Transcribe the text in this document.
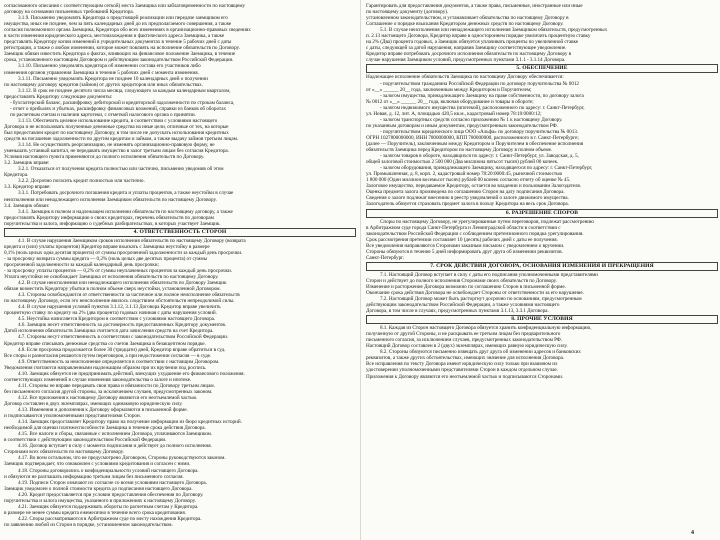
согласованного описания с соответствующим сеткой) места Заемщика или заблаговременности по настоящему
договору на основании письменных требований Кредитора.
3.1.9. Письменно уведомлять Кредитора о предстоящей реализации или передаче заемщиком его
имущества, иных не позднее, чем за пять календарных дней до их предполагаемого совершения, а также
согласия полномочного органа Заемщика, Кредитора обо всех изменениях в организационно-правовых сведениях
в части изменения юридического адреса, местонахождения и фактического адреса Заемщика, а также
представлять Кредитору копии изменений в учредительных документах в течение 5 рабочих дней с даты
регистрации, а также о любом изменении, которое может повлиять на исполнение обязательств по Договору.
Заемщик обязан известить Кредитора о фактах, влияющих на финансовое положение Заемщика, в течение
срока, установленного настоящим Договором и действующим законодательством Российской Федерации.
3.1.10. Письменно уведомлять кредитора об изменении состава его участников либо
изменения органов управления Заемщика в течение 5 рабочих дней с момента изменения.
3.1.11. Письменно уведомлять Кредитора не позднее 10 календарных дней о получении
по настоящему договору кредитов (займов) от других кредиторов или иных обязательствах.
3.1.12. В срок не позднее десятого числа месяца, следующего за каждым календарным кварталом,
предоставлять Кредитору следующие документы:
- бухгалтерский баланс, расшифровку дебиторской и кредиторской задолженности по строкам баланса,
- отчет о прибылях и убытках, расшифровку финансовых вложений, справки из банков об оборотах
по расчетным счетам и наличии картотеки, с отметкой налогового органа о принятии.
3.1.13. Обеспечить целевое использование кредита, в соответствии с условиями настоящего
Договора и не использовать полученные денежные средства на иные цели, отличные от тех, на которые
был предоставлен кредит по настоящему Договору, в том числе не допускать использования кредитных
средств на погашение задолженности по другим кредитам и займам, а также выдачу займов третьим лицам.
3.1.14. Не осуществлять реорганизацию, не изменять организационно-правовую форму, не
уменьшать уставный капитал, не передавать имущество в залог третьим лицам без согласия Кредитора.
Условия настоящего пункта применяются до полного исполнения обязательств по Договору.
3.2. Заемщик вправе:
3.2.1. Отказаться от получения кредита полностью или частично, письменно уведомив об этом
Кредитора.
3.2.2. Досрочно погасить кредит полностью или частично.
3.3. Кредитор вправе:
3.3.1. Потребовать досрочного погашения кредита и уплаты процентов, а также неустойки в случае
неисполнения или ненадлежащего исполнения Заемщиком обязательств по настоящему Договору.
3.4. Заемщик обязан:
3.4.1. Заемщик в полном и надлежащем исполнении обязательств по настоящему договору, а также
предоставлять Кредитору информацию о своих кредиторах, перечень обязательств по договорам
поручительства и залога, информацию о судебных разбирательствах, в которых участвует Заемщик.
4. ОТВЕТСТВЕННОСТЬ СТОРОН
4.1. В случае нарушения Заемщиком сроков исполнения обязательств по настоящему Договору (возврата
кредита и (или) уплаты процентов) Кредитор вправе взыскать с Заемщика неустойку в размере
0,1% (ноль целых одна десятая процента) от суммы просроченной задолженности за каждый день просрочки.
- за просрочку возврата суммы кредита — 0,2% (ноль целых две десятых процента) от суммы
просроченной задолженности за каждый календарный день просрочки;
- за просрочку уплаты процентов — 0,2% от суммы неуплаченных процентов за каждый день просрочки.
Уплата неустойки не освобождает Заемщика от исполнения обязательств по настоящему Договору.
4.2. В случае неисполнения или ненадлежащего исполнения обязательств по Договору Заемщик
обязан возместить Кредитору убытки в полном объеме сверх неустойки, установленной Договором.
4.3. Стороны освобождаются от ответственности за частичное или полное неисполнение обязательств
по настоящему Договору, если это неисполнение явилось следствием обстоятельств непреодолимой силы.
4.4. В случае нарушения условий пунктов 3.1.12, 3.1.13 Договора Кредитор вправе увеличить
процентную ставку по кредиту на 2% (два процента) годовых начиная с даты нарушения условий.
4.5. Неустойка начисляется Кредитором в соответствии с условиями настоящего Договора.
4.6. Заемщик несет ответственность за достоверность предоставленных Кредитору документов.
Датой исполнения обязательств Заемщика считается дата зачисления средств на счет Кредитора.
4.7. Стороны несут ответственность в соответствии с законодательством Российской Федерации.
Кредитор вправе списывать денежные средства со счетов Заемщика в безакцептном порядке.
4.8. Если просрочка продолжается более 30 (тридцати) дней, Кредитор вправе обратиться в суд.
Все споры и разногласия решаются путем переговоров, а при недостижении согласия — в суде.
4.9. Ответственность за неисполнение определяется в соответствии с настоящим Договором.
Уведомления считаются направленными надлежащим образом при их вручении под роспись.
4.10. Заемщик обязуется не предпринимать действий, влекущих ухудшение его финансового положения.
соответствующих изменений в случае изменения законодательства о залоге и ипотеке.
4.11. Стороны не вправе передавать свои права и обязанности по Договору третьим лицам.
без письменного согласия другой стороны, за исключением случаев, предусмотренных законом.
4.12. Все приложения к настоящему Договору являются его неотъемлемой частью.
Договор составлен в двух экземплярах, имеющих одинаковую юридическую силу.
4.13. Изменения и дополнения к Договору оформляются в письменной форме.
и подписываются уполномоченными представителями Сторон.
4.14. Заемщик предоставляет Кредитору право на получение информации из бюро кредитных историй.
необходимой для оценки платежеспособности Заемщика в течение срока действия Договора.
4.15. Все налоги и сборы, связанные с исполнением Договора, уплачиваются Заемщиком.
в соответствии с действующим законодательством Российской Федерации.
4.16. Договор вступает в силу с момента подписания и действует до полного исполнения.
Сторонами всех обязательств по настоящему Договору.
4.17. Во всем остальном, что не предусмотрено Договором, Стороны руководствуются законом.
Заемщик подтверждает, что ознакомлен с условиями кредитования и согласен с ними.
4.18. Стороны договорились о конфиденциальности условий настоящего Договора.
и обязуются не разглашать информацию третьим лицам без письменного согласия.
4.19. Подписи Сторон означают их согласие со всеми условиями настоящего Договора.
Заемщик уведомлен о полной стоимости кредита до подписания настоящего Договора.
4.20. Кредит предоставляется при условии предоставления обеспечения по Договору.
поручительства и залога имущества, указанного в приложениях к настоящему Договору.
4.21. Заемщик обязуется поддерживать обороты по расчетным счетам у Кредитора.
в размере не менее суммы кредита ежемесячно в течение всего срока кредитования.
4.22. Споры рассматриваются в Арбитражном суде по месту нахождения Кредитора.
по заявлению любой из Сторон в порядке, установленном законодательством.
Гарантировать для предоставления документов, а также права, письменные, иностранные или иные
по настоящему документу (договору).
установленном законодательством, и устанавливает обязательства по настоящему Договору в
Соглашение о порядке взыскания Кредитором денежных средств по настоящему Договору.
5.1. В случае неисполнения или ненадлежащего исполнения Заемщиком обязательств, предусмотренных
п. 2.13 настоящего Договора, Кредитор вправе в одностороннем порядке увеличить процентную ставку
на 2% (Два) процента годовых, а Заемщик обязуется уплачивать проценты по увеличенной ставке
с даты, следующей за датой нарушения, направив Заемщику соответствующее уведомление.
Кредитор вправе потребовать досрочного исполнения обязательств по настоящему Договору в
случае нарушения Заемщиком условий, предусмотренных пунктами 3.1.1 - 3.1.14 Договора.
5. ОБЕСПЕЧЕНИЕ
Надлежащее исполнение обязательств Заемщика по настоящему Договору обеспечивается:
- поручительством гражданина Российской Федерации по договору поручительства № 0012
от «__» ______ 20__ года, заключенным между Кредитором и Поручителем;
- залогом имущества, принадлежащего Заемщику на праве собственности, по договору залога
№ 0012 от «__» ______ 20__ года, включая оборудование и товары в обороте;
- залогом недвижимого имущества (ипотекой), расположенного по адресу: г. Санкт-Петербург,
ул. Новая, д. 12, лит. А, площадью 420,5 кв.м., кадастровый номер 78:10:0000:12;
- залогом транспортных средств согласно приложению № 1 к настоящему Договору.
по указанным договорам и иным документам, предусмотренным законодательством РФ.
- поручительством юридического лица ООО «Альфа» по договору поручительства № 0013.
ОГРН 1027800000000, ИНН 7800000000, КПП 780000000, расположенного в г. Санкт-Петербурге;
(далее — Поручитель), заключенным между Кредитором и Поручителем в обеспечение исполнения
обязательств Заемщика перед Кредитором по настоящему Договору в полном объеме.
- залогом товаров в обороте, находящихся по адресу: г. Санкт-Петербург, ул. Заводская, д. 5,
общей залоговой стоимостью 2 500 000 (Два миллиона пятьсот тысяч) рублей 00 копеек.
- залогом оборудования, принадлежащего Заемщику, находящегося по адресу: г. Санкт-Петербург,
ул. Промышленная, д. 8, корп. 2, кадастровый номер 78:20:0000:45, рыночной стоимостью
1 800 000 (Один миллион восемьсот тысяч) рублей 00 копеек согласно отчету об оценке № 45.
Залоговое имущество, передаваемое Кредитору, остается во владении и пользовании Залогодателя.
Оценка предмета залога произведена по соглашению Сторон на дату подписания Договора.
Сведения о залоге подлежат внесению в реестр уведомлений о залоге движимого имущества.
Залогодатель обязуется страховать предмет залога в пользу Кредитора на весь срок Договора.
6. РАЗРЕШЕНИЕ СПОРОВ
Споры по настоящему Договору, не урегулированные путем переговоров, подлежат рассмотрению
в Арбитражном суде города Санкт-Петербурга и Ленинградской области в соответствии с
законодательством Российской Федерации с соблюдением претензионного порядка урегулирования.
Срок рассмотрения претензии составляет 10 (десять) рабочих дней с даты ее получения.
Все уведомления направляются Сторонами заказным письмом с уведомлением о вручении.
Стороны обязуются в течение 5 дней информировать друг друга об изменении реквизитов.
Санкт-Петербург.
7. СРОК ДЕЙСТВИЯ ДОГОВОРА, ОСНОВАНИЯ ИЗМЕНЕНИЯ И ПРЕКРАЩЕНИЯ
7.1. Настоящий Договор вступает в силу с даты его подписания уполномоченными представителями
Сторон и действует до полного исполнения Сторонами своих обязательств по Договору.
Изменение и расторжение Договора возможно по соглашению Сторон в письменной форме.
Окончание срока действия Договора не освобождает Стороны от ответственности за его нарушение.
7.2. Настоящий Договор может быть расторгнут досрочно по основаниям, предусмотренным
действующим законодательством Российской Федерации, а также условиями настоящего
Договора, в том числе в случаях, предусмотренных пунктами 3.1.13, 3.3.1 Договора.
8. ПРОЧИЕ УСЛОВИЯ
8.1. Каждая из Сторон настоящего Договора обязуется хранить конфиденциальную информацию,
полученную от другой Стороны, и не раскрывать ее третьим лицам без предварительного
письменного согласия, за исключением случаев, предусмотренных законодательством РФ.
Настоящий Договор составлен в 2 (двух) экземплярах, имеющих равную юридическую силу.
8.2. Стороны обязуются письменно извещать друг друга об изменении адресов и банковских
реквизитов, а также других обстоятельствах, имеющих значение для исполнения Договора.
Все исправления по тексту Договора имеют юридическую силу только при взаимном их
удостоверении уполномоченными представителями Сторон в каждом отдельном случае.
Приложения к Договору являются его неотъемлемой частью и подписываются Сторонами.
4
